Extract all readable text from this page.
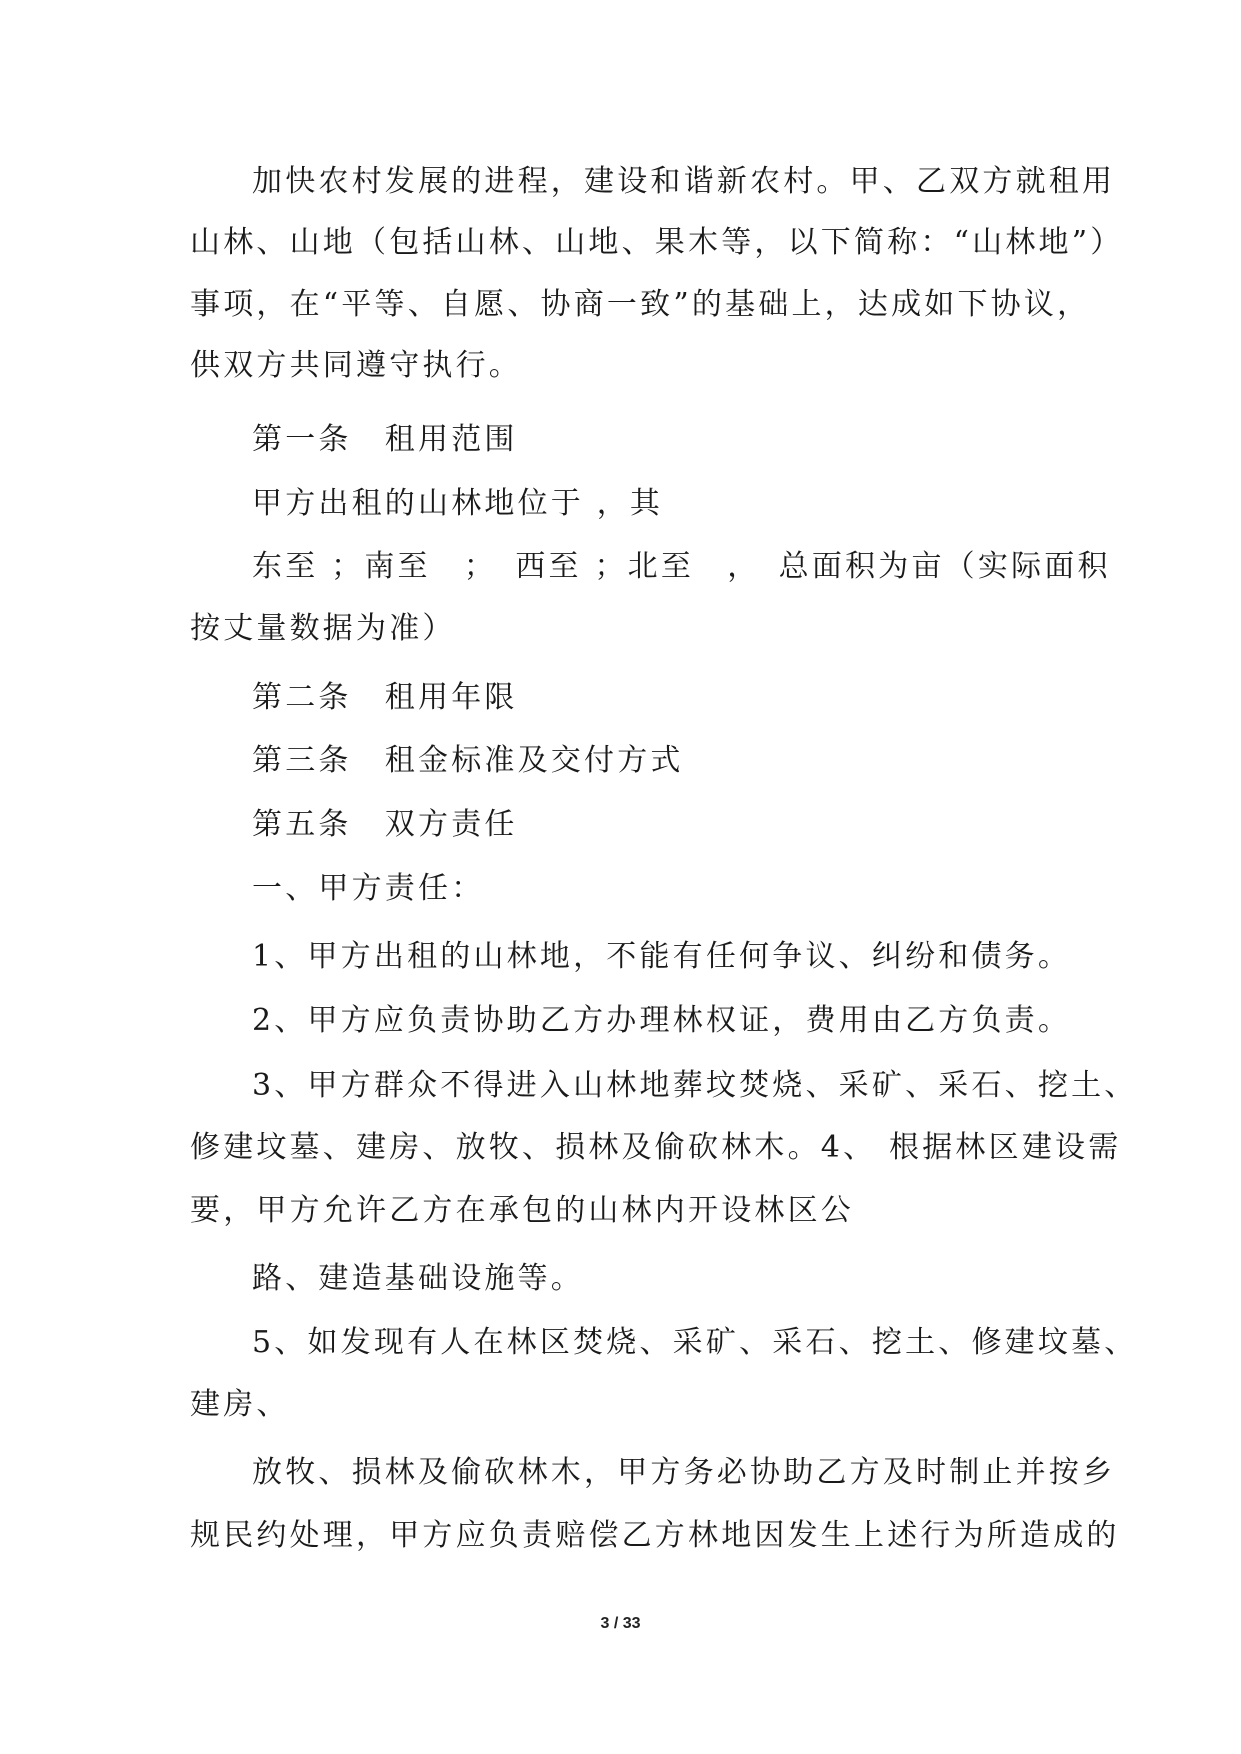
加快农村发展的进程，建设和谐新农村。甲、乙双方就租用
山林、山地（包括山林、山地、果木等，以下简称：“山林地”）
事项，在“平等、自愿、协商一致”的基础上，达成如下协议，
供双方共同遵守执行。
第一条　租用范围
甲方出租的山林地位于 ，其
东至 ；南至　；　西至 ；北至　，　总面积为亩（实际面积
按丈量数据为准）
第二条　租用年限
第三条　租金标准及交付方式
第五条　双方责任
一、甲方责任：
1、甲方出租的山林地，不能有任何争议、纠纷和债务。
2、甲方应负责协助乙方办理林权证，费用由乙方负责。
3、甲方群众不得进入山林地葬坟焚烧、采矿、采石、挖土、
修建坟墓、建房、放牧、损林及偷砍林木。4、 根据林区建设需
要，甲方允许乙方在承包的山林内开设林区公
路、建造基础设施等。
5、如发现有人在林区焚烧、采矿、采石、挖土、修建坟墓、
建房、
放牧、损林及偷砍林木，甲方务必协助乙方及时制止并按乡
规民约处理，甲方应负责赔偿乙方林地因发生上述行为所造成的
3 / 33
